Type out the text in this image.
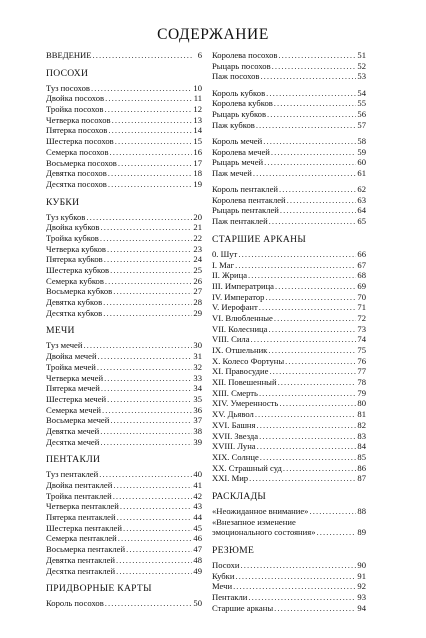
СОДЕРЖАНИЕ
ВВЕДЕНИЕ .....	6
ПОСОХИ
Туз посохов .....	10
Двойка посохов .....	11
Тройка посохов .....	12
Четверка посохов .....	13
Пятерка посохов .....	14
Шестерка посохов .....	15
Семерка посохов .....	16
Восьмерка посохов .....	17
Девятка посохов .....	18
Десятка посохов .....	19
КУБКИ
Туз кубков .....	20
Двойка кубков .....	21
Тройка кубков .....	22
Четверка кубков .....	23
Пятерка кубков .....	24
Шестерка кубков .....	25
Семерка кубков .....	26
Восьмерка кубков .....	27
Девятка кубков .....	28
Десятка кубков .....	29
МЕЧИ
Туз мечей .....	30
Двойка мечей .....	31
Тройка мечей .....	32
Четверка мечей .....	33
Пятерка мечей .....	34
Шестерка мечей .....	35
Семерка мечей .....	36
Восьмерка мечей .....	37
Девятка мечей .....	38
Десятка мечей .....	39
ПЕНТАКЛИ
Туз пентаклей .....	40
Двойка пентаклей .....	41
Тройка пентаклей .....	42
Четверка пентаклей .....	43
Пятерка пентаклей .....	44
Шестерка пентаклей .....	45
Семерка пентаклей .....	46
Восьмерка пентаклей .....	47
Девятка пентаклей .....	48
Десятка пентаклей .....	49
ПРИДВОРНЫЕ КАРТЫ
Король посохов .....	50
Королева посохов .....	51
Рыцарь посохов .....	52
Паж посохов .....	53
Король кубков .....	54
Королева кубков .....	55
Рыцарь кубков .....	56
Паж кубков .....	57
Король мечей .....	58
Королева мечей .....	59
Рыцарь мечей .....	60
Паж мечей .....	61
Король пентаклей .....	62
Королева пентаклей .....	63
Рыцарь пентаклей .....	64
Паж пентаклей .....	65
СТАРШИЕ АРКАНЫ
0. Шут .....	66
I. Маг .....	67
II. Жрица .....	68
III. Императрица .....	69
IV. Император .....	70
V. Иерофант .....	71
VI. Влюбленные .....	72
VII. Колесница .....	73
VIII. Сила .....	74
IX. Отшельник .....	75
X. Колесо Фортуны .....	76
XI. Правосудие .....	77
XII. Повешенный .....	78
XIII. Смерть .....	79
XIV. Умеренность .....	80
XV. Дьявол .....	81
XVI. Башня .....	82
XVII. Звезда .....	83
XVIII. Луна .....	84
XIX. Солнце .....	85
XX. Страшный суд .....	86
XXI. Мир .....	87
РАСКЛАДЫ
«Неожиданное внимание» .....	88
«Внезапное изменение
эмоционального состояния» .....	89
РЕЗЮМЕ
Посохи .....	90
Кубки .....	91
Мечи .....	92
Пентакли .....	93
Старшие арканы .....	94
